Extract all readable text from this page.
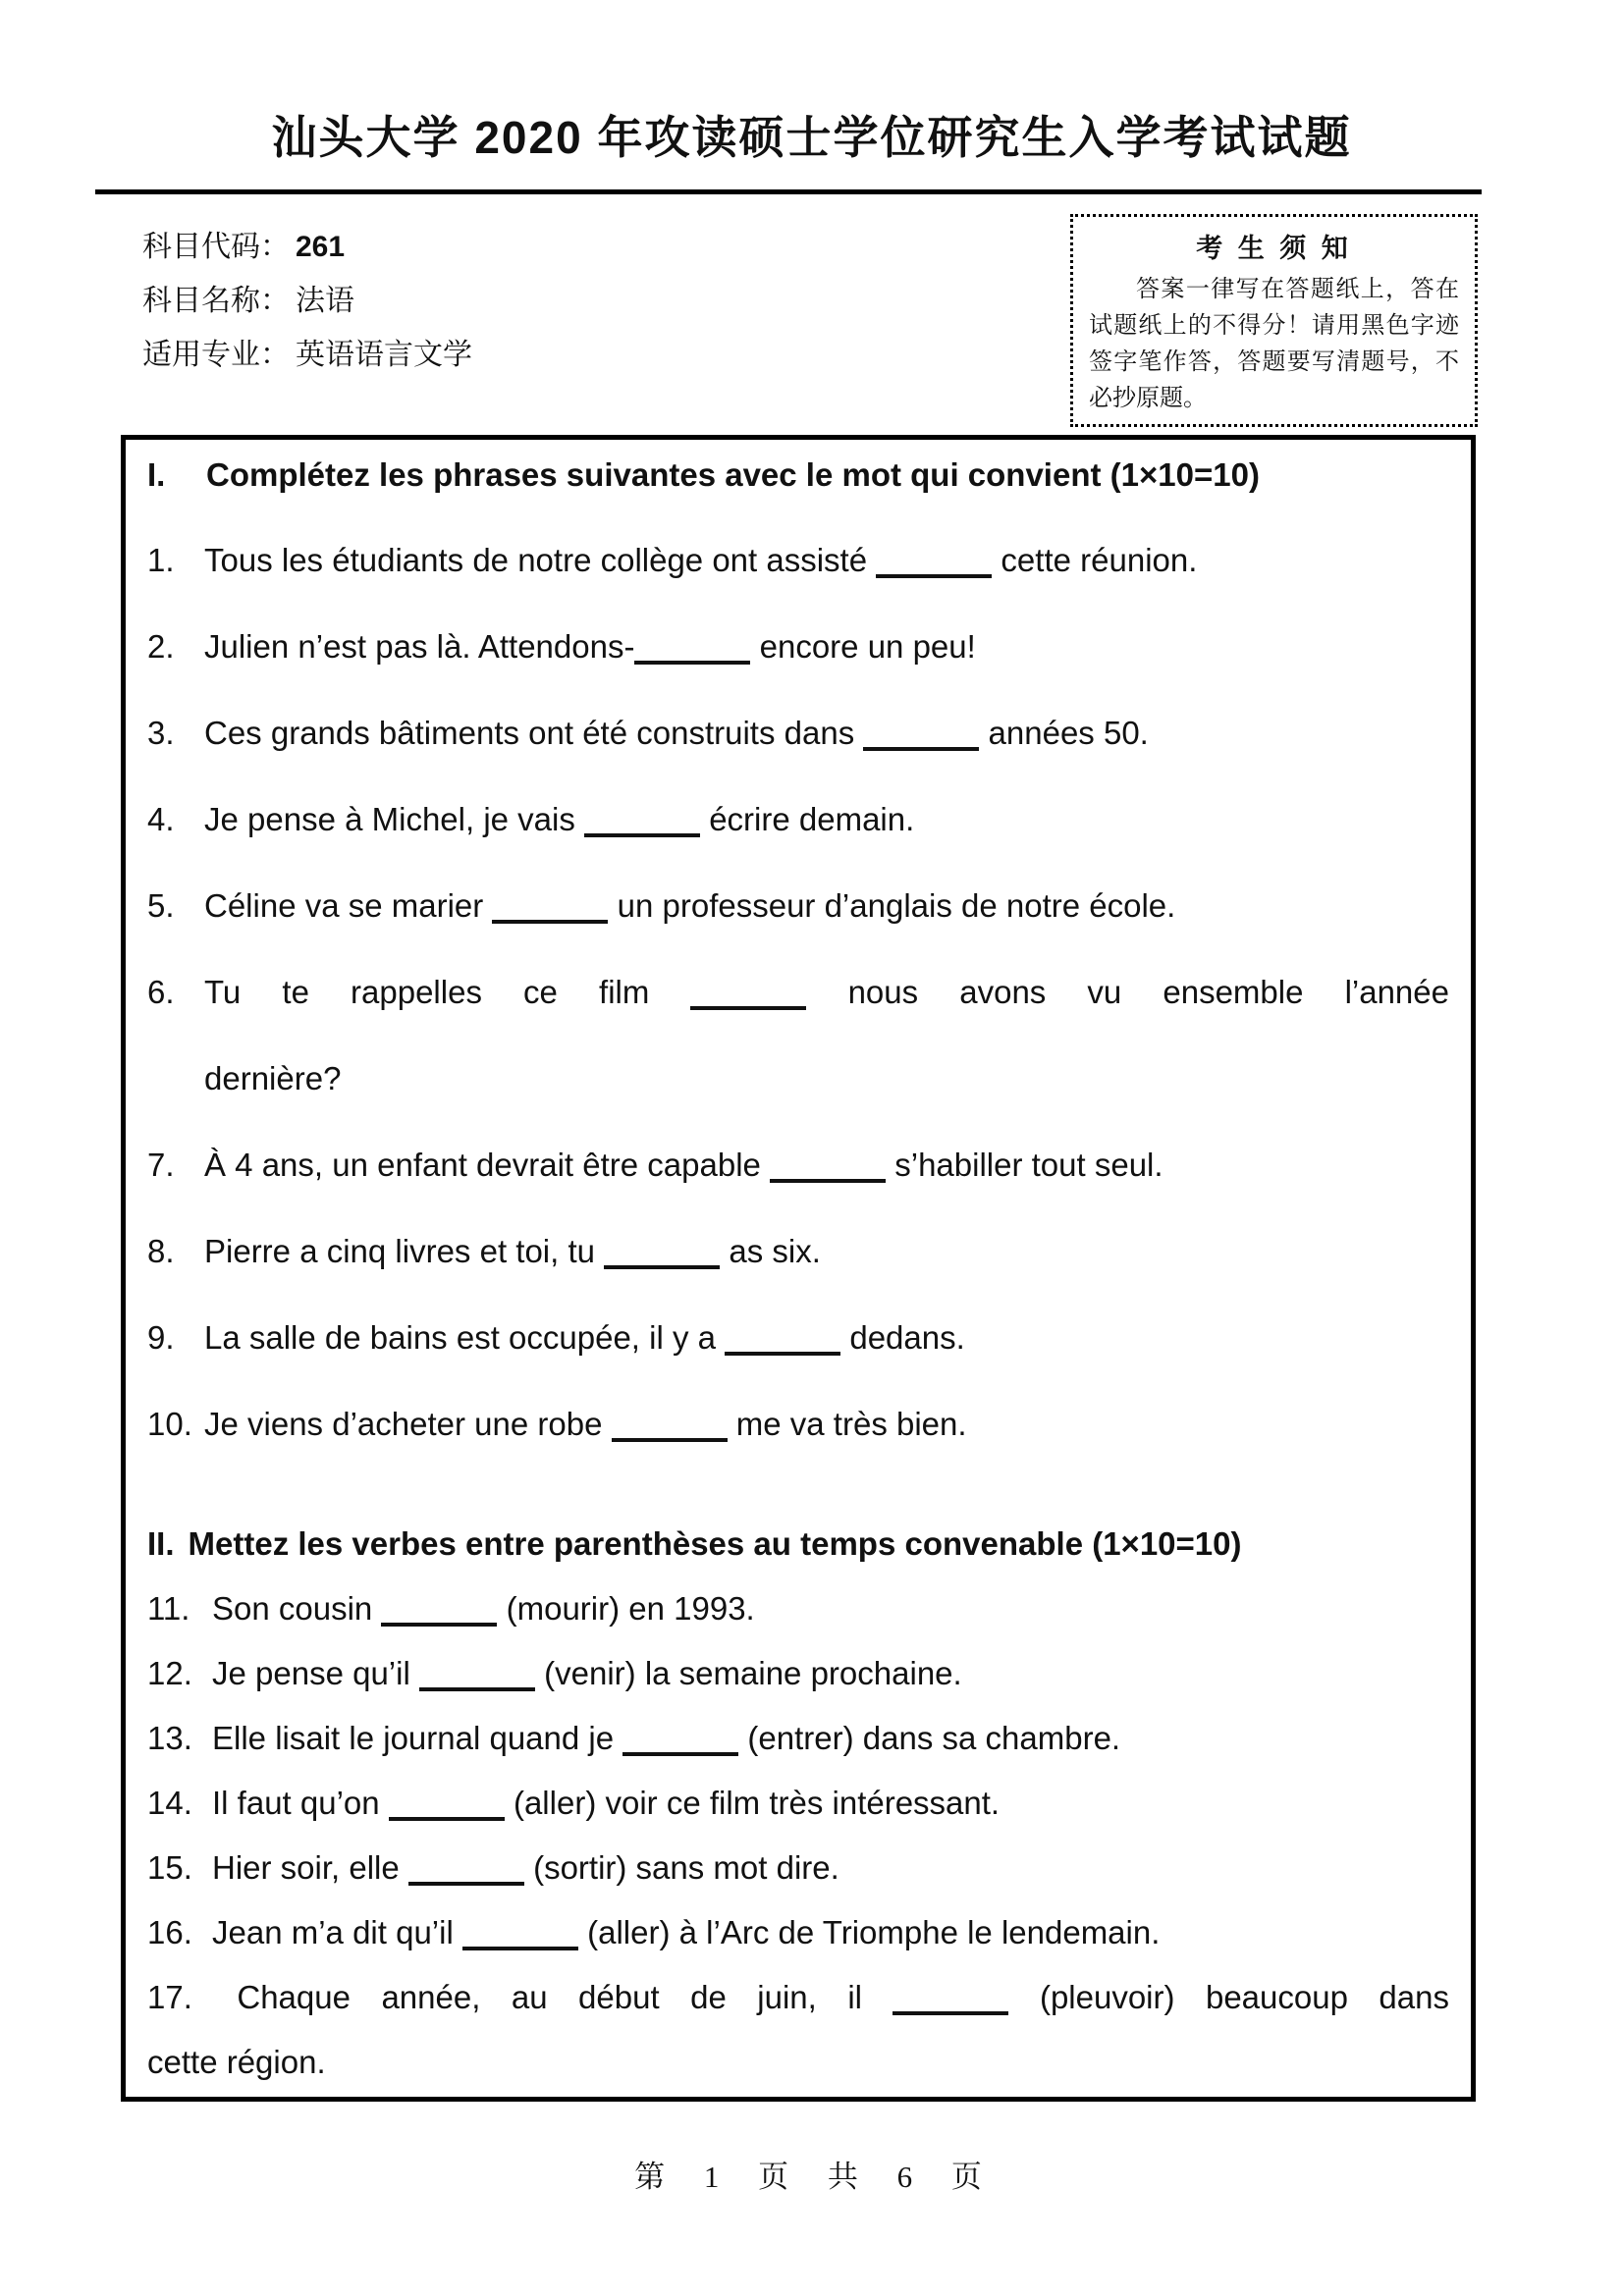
汕头大学 2020 年攻读硕士学位研究生入学考试试题
科目代码： 261
科目名称： 法语
适用专业： 英语语言文学
考 生 须 知
答案一律写在答题纸上，答在试题纸上的不得分！请用黑色字迹签字笔作答，答题要写清题号，不必抄原题。
I.	Complétez les phrases suivantes avec le mot qui convient (1×10=10)
1. Tous les étudiants de notre collège ont assisté	cette réunion.
2. Julien n’est pas là. Attendons-	encore un peu!
3. Ces grands bâtiments ont été construits dans	années 50.
4. Je pense à Michel, je vais	écrire demain.
5. Céline va se marier	un professeur d’anglais de notre école.
6. Tu te rappelles ce film	nous avons vu ensemble l’année
dernière?
7. À 4 ans, un enfant devrait être capable	s’habiller tout seul.
8. Pierre a cinq livres et toi, tu	as six.
9. La salle de bains est occupée, il y a	dedans.
10. Je viens d’acheter une robe	me va très bien.
II. Mettez les verbes entre parenthèses au temps convenable (1×10=10)
11. Son cousin	(mourir) en 1993.
12. Je pense qu’il	(venir) la semaine prochaine.
13. Elle lisait le journal quand je	(entrer) dans sa chambre.
14. Il faut qu’on	(aller) voir ce film très intéressant.
15. Hier soir, elle	(sortir) sans mot dire.
16. Jean m’a dit qu’il	(aller) à l’Arc de Triomphe le lendemain.
17. Chaque année, au début de juin, il	(pleuvoir) beaucoup dans
cette région.
第 1 页 共 6 页
